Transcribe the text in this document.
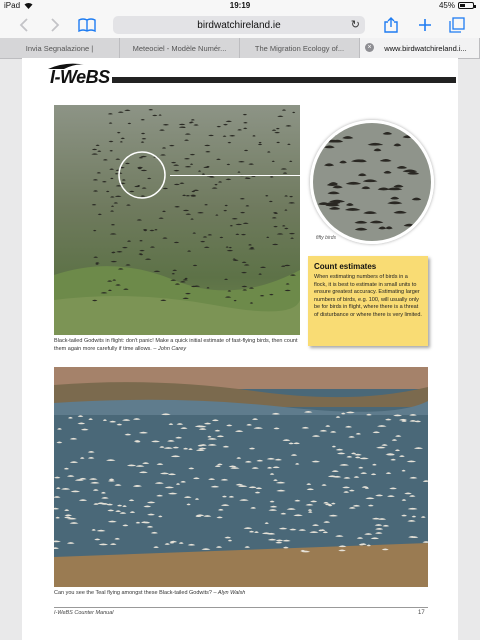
iPad	19:19	45%
birdwatchireland.ie	↻
Invia Segnalazione |	Meteociel - Modèle Numér...	The Migration Ecology of...	×	www.birdwatchireland.i...
I-WeBS
fifty birds
Black-tailed Godwits in flight: don't panic! Make a quick initial estimate of fast-flying birds, then count them again more carefully if time allows. – John Carey
Count estimates

When estimating numbers of birds in a flock, it is best to estimate in small units to ensure greatest accuracy. Estimating larger numbers of birds, e.g. 100, will usually only be for birds in flight, where there is a threat of disturbance or where there is very limited.

Can you see the Teal flying amongst these Black-tailed Godwits? – Alyn Walsh
I-WeBS Counter Manual	17
